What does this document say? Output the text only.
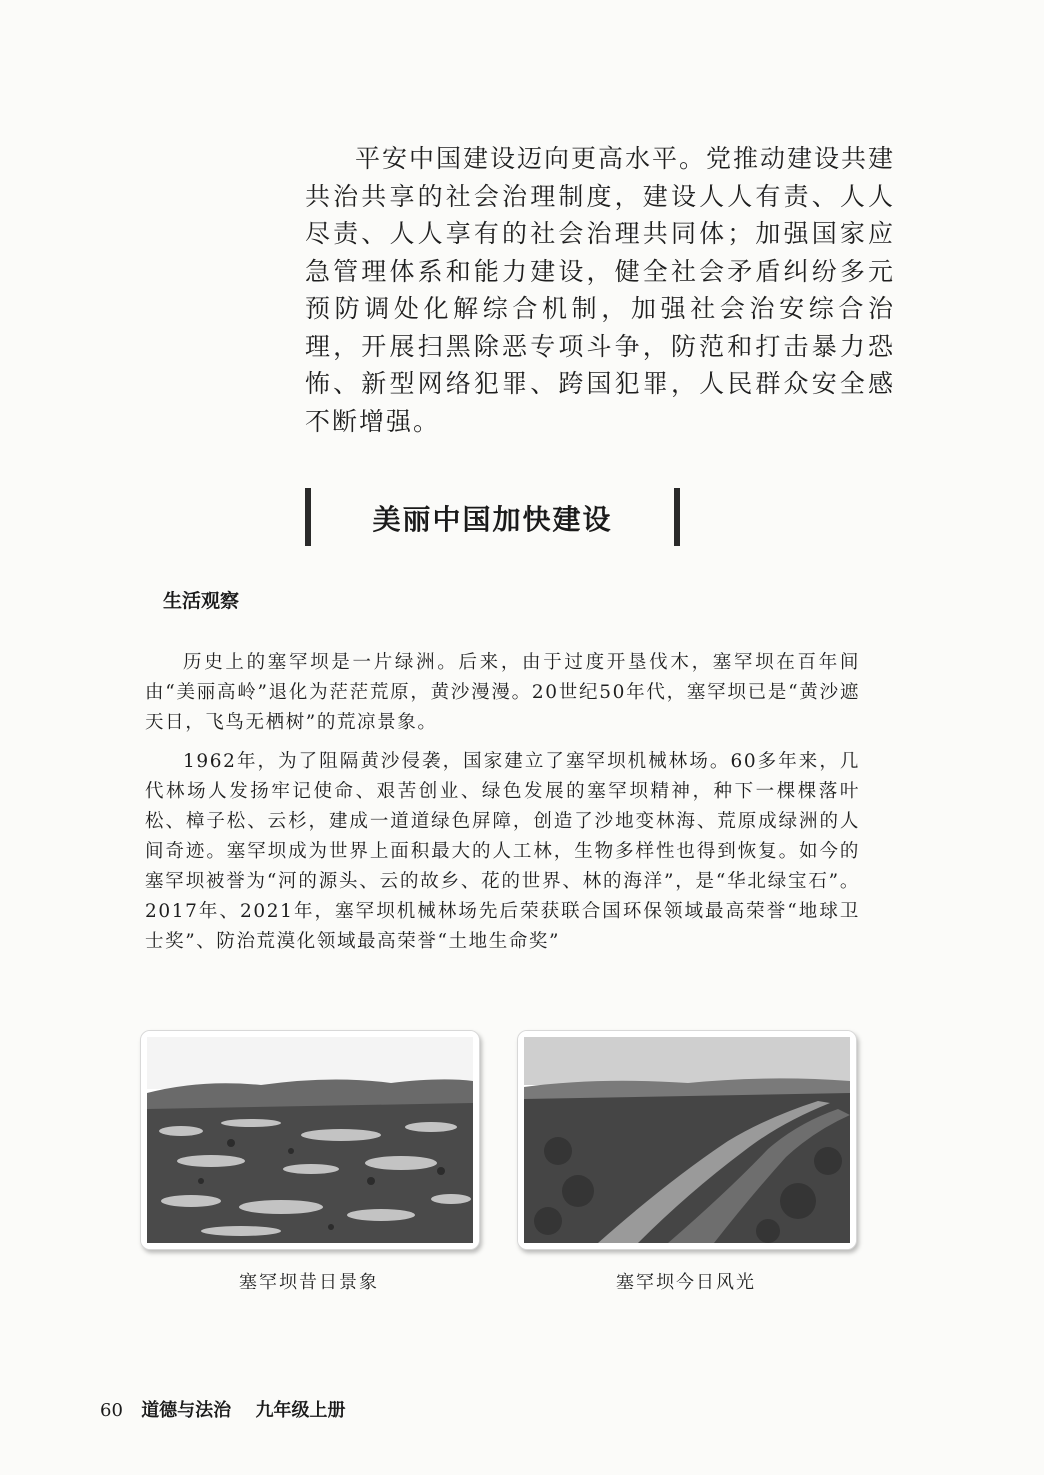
平安中国建设迈向更高水平。党推动建设共建共治共享的社会治理制度，建设人人有责、人人尽责、人人享有的社会治理共同体；加强国家应急管理体系和能力建设，健全社会矛盾纠纷多元预防调处化解综合机制，加强社会治安综合治理，开展扫黑除恶专项斗争，防范和打击暴力恐怖、新型网络犯罪、跨国犯罪，人民群众安全感不断增强。

美丽中国加快建设
生活观察

历史上的塞罕坝是一片绿洲。后来，由于过度开垦伐木，塞罕坝在百年间由“美丽高岭”退化为茫茫荒原，黄沙漫漫。20世纪50年代，塞罕坝已是“黄沙遮天日，飞鸟无栖树”的荒凉景象。

1962年，为了阻隔黄沙侵袭，国家建立了塞罕坝机械林场。60多年来，几代林场人发扬牢记使命、艰苦创业、绿色发展的塞罕坝精神，种下一棵棵落叶松、樟子松、云杉，建成一道道绿色屏障，创造了沙地变林海、荒原成绿洲的人间奇迹。塞罕坝成为世界上面积最大的人工林，生物多样性也得到恢复。如今的塞罕坝被誉为“河的源头、云的故乡、花的世界、林的海洋”，是“华北绿宝石”。2017年、2021年，塞罕坝机械林场先后荣获联合国环保领域最高荣誉“地球卫士奖”、防治荒漠化领域最高荣誉“土地生命奖”

塞罕坝昔日景象	塞罕坝今日风光
60 道德与法治 九年级上册
